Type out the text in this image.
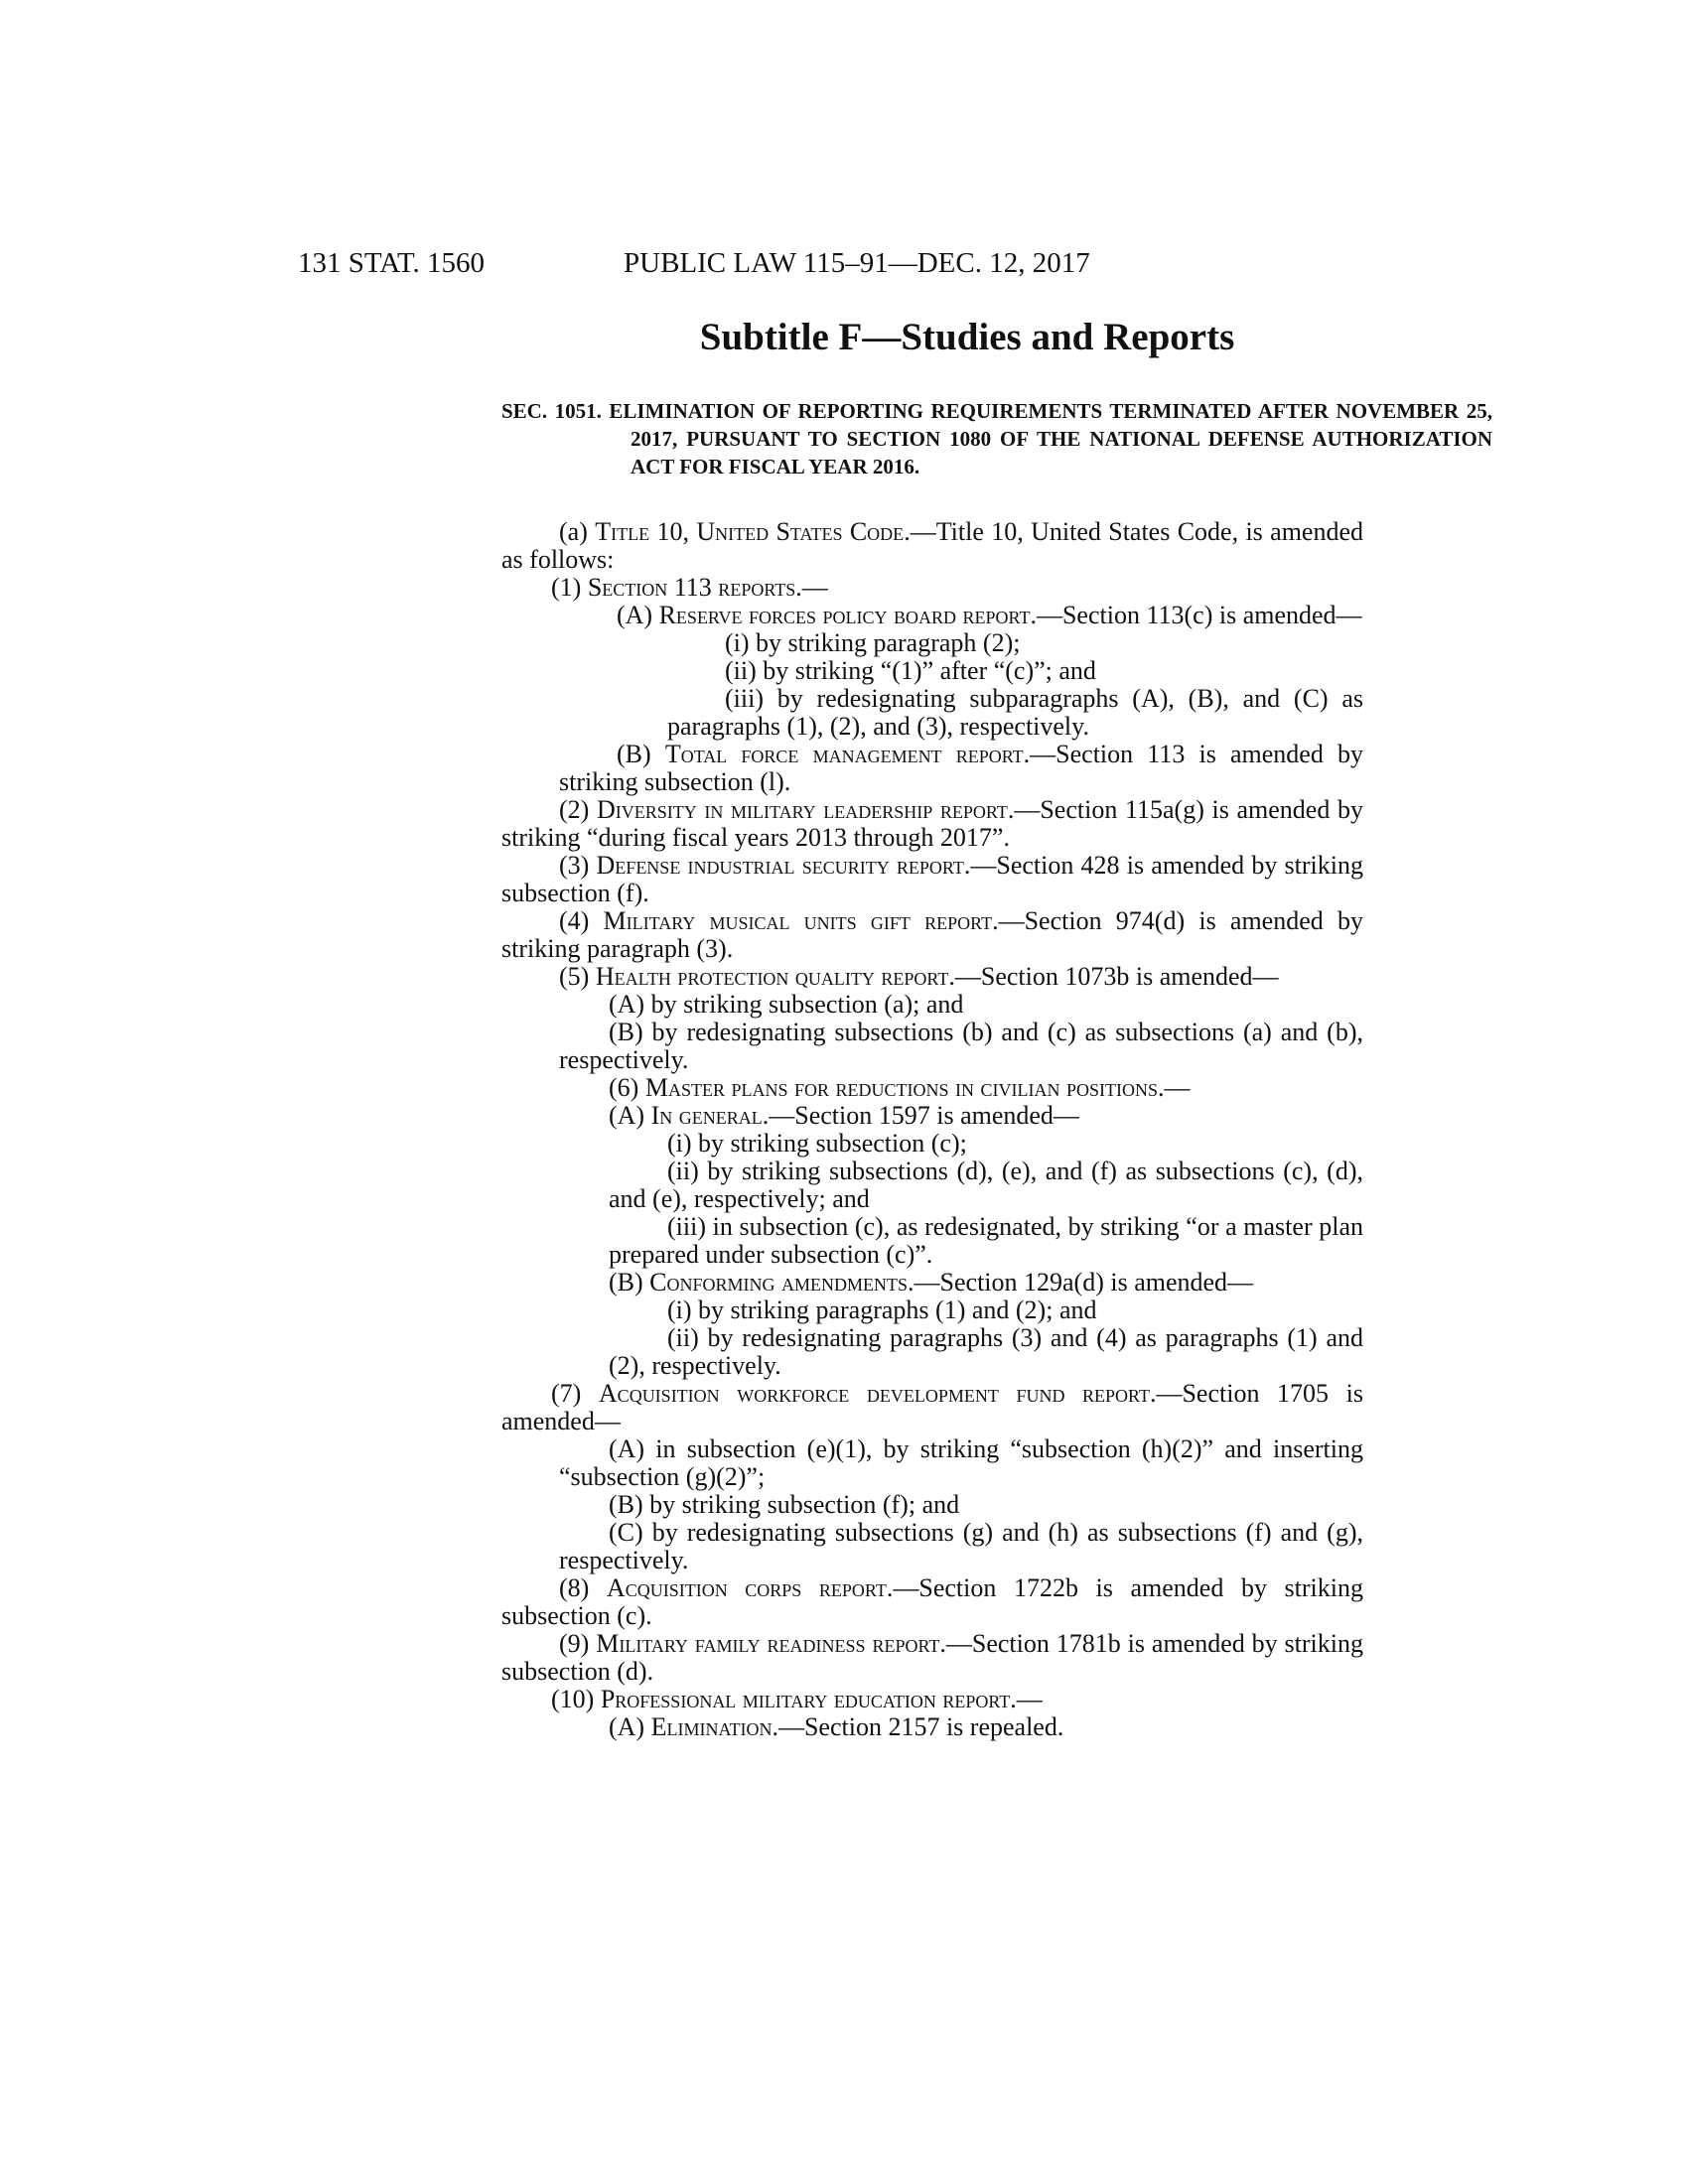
131 STAT. 1560	PUBLIC LAW 115–91—DEC. 12, 2017
Subtitle F—Studies and Reports
SEC. 1051. ELIMINATION OF REPORTING REQUIREMENTS TERMINATED AFTER NOVEMBER 25, 2017, PURSUANT TO SECTION 1080 OF THE NATIONAL DEFENSE AUTHORIZATION ACT FOR FISCAL YEAR 2016.

(a) Title 10, United States Code.—Title 10, United States Code, is amended as follows:

(1) Section 113 reports.—

(A) Reserve forces policy board report.—Section 113(c) is amended—

(i) by striking paragraph (2);

(ii) by striking “(1)” after “(c)”; and

(iii) by redesignating subparagraphs (A), (B), and (C) as paragraphs (1), (2), and (3), respectively.

(B) Total force management report.—Section 113 is amended by striking subsection (l).

(2) Diversity in military leadership report.—Section 115a(g) is amended by striking “during fiscal years 2013 through 2017”.

(3) Defense industrial security report.—Section 428 is amended by striking subsection (f).

(4) Military musical units gift report.—Section 974(d) is amended by striking paragraph (3).

(5) Health protection quality report.—Section 1073b is amended—

(A) by striking subsection (a); and

(B) by redesignating subsections (b) and (c) as subsections (a) and (b), respectively.

(6) Master plans for reductions in civilian positions.—

(A) In general.—Section 1597 is amended—

(i) by striking subsection (c);

(ii) by striking subsections (d), (e), and (f) as subsections (c), (d), and (e), respectively; and

(iii) in subsection (c), as redesignated, by striking “or a master plan prepared under subsection (c)”.

(B) Conforming amendments.—Section 129a(d) is amended—

(i) by striking paragraphs (1) and (2); and

(ii) by redesignating paragraphs (3) and (4) as paragraphs (1) and (2), respectively.

(7) Acquisition workforce development fund report.—Section 1705 is amended—

(A) in subsection (e)(1), by striking “subsection (h)(2)” and inserting “subsection (g)(2)”;

(B) by striking subsection (f); and

(C) by redesignating subsections (g) and (h) as subsections (f) and (g), respectively.

(8) Acquisition corps report.—Section 1722b is amended by striking subsection (c).

(9) Military family readiness report.—Section 1781b is amended by striking subsection (d).

(10) Professional military education report.—

(A) Elimination.—Section 2157 is repealed.
